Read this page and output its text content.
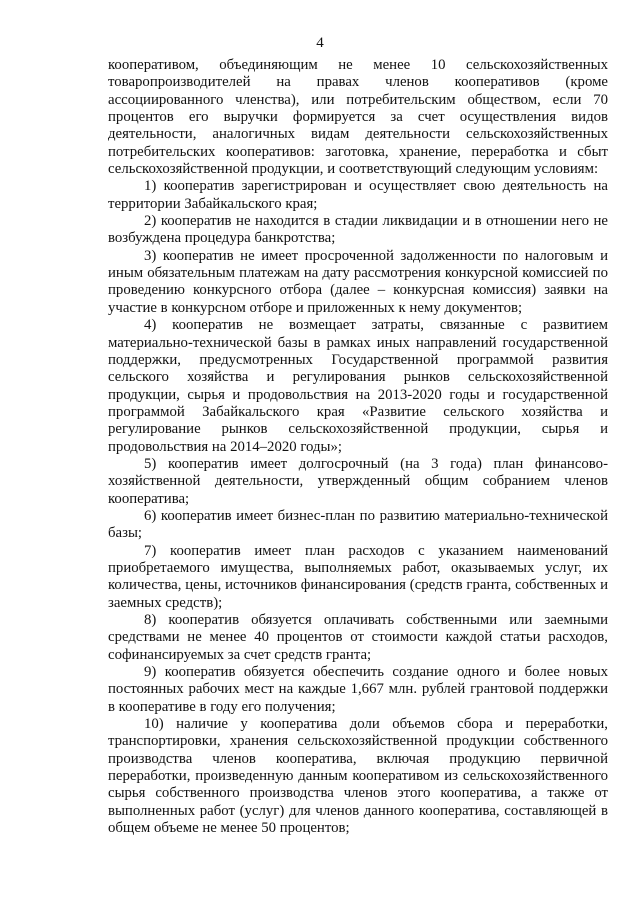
4

кооперативом, объединяющим не менее 10 сельскохозяйственных товаропроизводителей на правах членов кооперативов (кроме ассоциированного членства), или потребительским обществом, если 70 процентов его выручки формируется за счет осуществления видов деятельности, аналогичных видам деятельности сельскохозяйственных потребительских кооперативов: заготовка, хранение, переработка и сбыт сельскохозяйственной продукции, и соответствующий следующим условиям:

1) кооператив зарегистрирован и осуществляет свою деятельность на территории Забайкальского края;

2) кооператив не находится в стадии ликвидации и в отношении него не возбуждена процедура банкротства;

3) кооператив не имеет просроченной задолженности по налоговым и иным обязательным платежам на дату рассмотрения конкурсной комиссией по проведению конкурсного отбора (далее – конкурсная комиссия) заявки на участие в конкурсном отборе и приложенных к нему документов;

4) кооператив не возмещает затраты, связанные с развитием материально-технической базы в рамках иных направлений государственной поддержки, предусмотренных Государственной программой развития сельского хозяйства и регулирования рынков сельскохозяйственной продукции, сырья и продовольствия на 2013-2020 годы и государственной программой Забайкальского края «Развитие сельского хозяйства и регулирование рынков сельскохозяйственной продукции, сырья и продовольствия на 2014–2020 годы»;

5) кооператив имеет долгосрочный (на 3 года) план финансово-хозяйственной деятельности, утвержденный общим собранием членов кооператива;

6) кооператив имеет бизнес-план по развитию материально-технической базы;

7) кооператив имеет план расходов с указанием наименований приобретаемого имущества, выполняемых работ, оказываемых услуг, их количества, цены, источников финансирования (средств гранта, собственных и заемных средств);

8) кооператив обязуется оплачивать собственными или заемными средствами не менее 40 процентов от стоимости каждой статьи расходов, софинансируемых за счет средств гранта;

9) кооператив обязуется обеспечить создание одного и более новых постоянных рабочих мест на каждые 1,667 млн. рублей грантовой поддержки в кооперативе в году его получения;

10) наличие у кооператива доли объемов сбора и переработки, транспортировки, хранения сельскохозяйственной продукции собственного производства членов кооператива, включая продукцию первичной переработки, произведенную данным кооперативом из сельскохозяйственного сырья собственного производства членов этого кооператива, а также от выполненных работ (услуг) для членов данного кооператива, составляющей в общем объеме не менее 50 процентов;
